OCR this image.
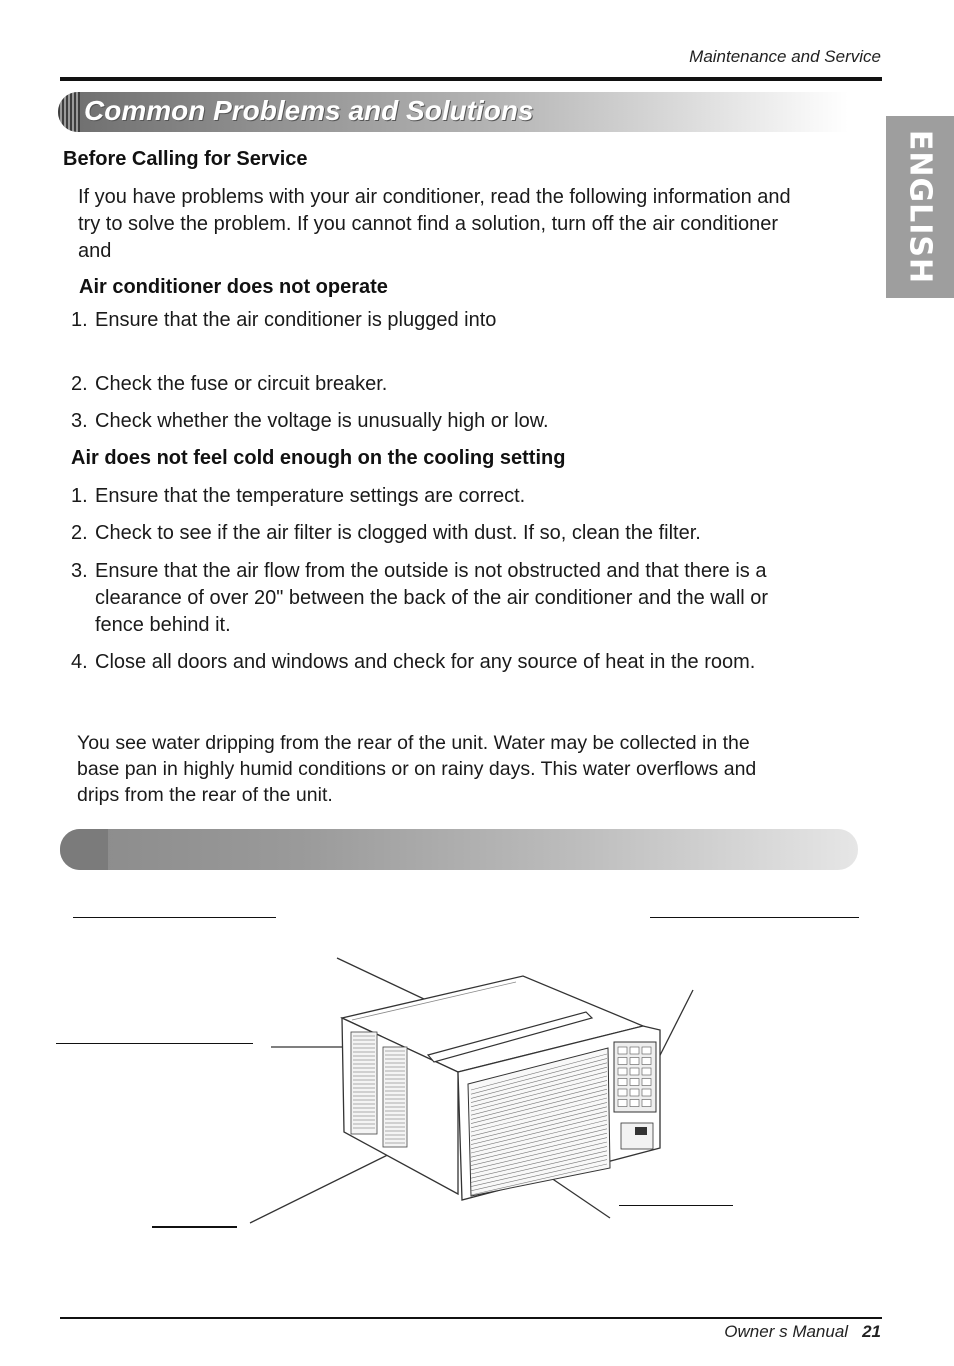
Maintenance and Service
Common Problems and Solutions
ENGLISH
Before Calling for Service
If you have problems with your air conditioner, read the following information and
try to solve the problem. If you cannot find a solution, turn off the air conditioner
and
Air conditioner does not operate
1. Ensure that the air conditioner is plugged into
2. Check the fuse or circuit breaker.
3. Check whether the voltage is unusually high or low.
Air does not feel cold enough on the cooling setting
1. Ensure that the temperature settings are correct.
2. Check to see if the air filter is clogged with dust. If so, clean the filter.
3. Ensure that the air flow from the outside is not obstructed and that there is a
clearance of over 20" between the back of the air conditioner and the wall or
fence behind it.
4. Close all doors and windows and check for any source of heat in the room.
You see water dripping from the rear of the unit. Water may be collected in the
base pan in highly humid conditions or on rainy days. This water overflows and
drips from the rear of the unit.
Owner s Manual 21
